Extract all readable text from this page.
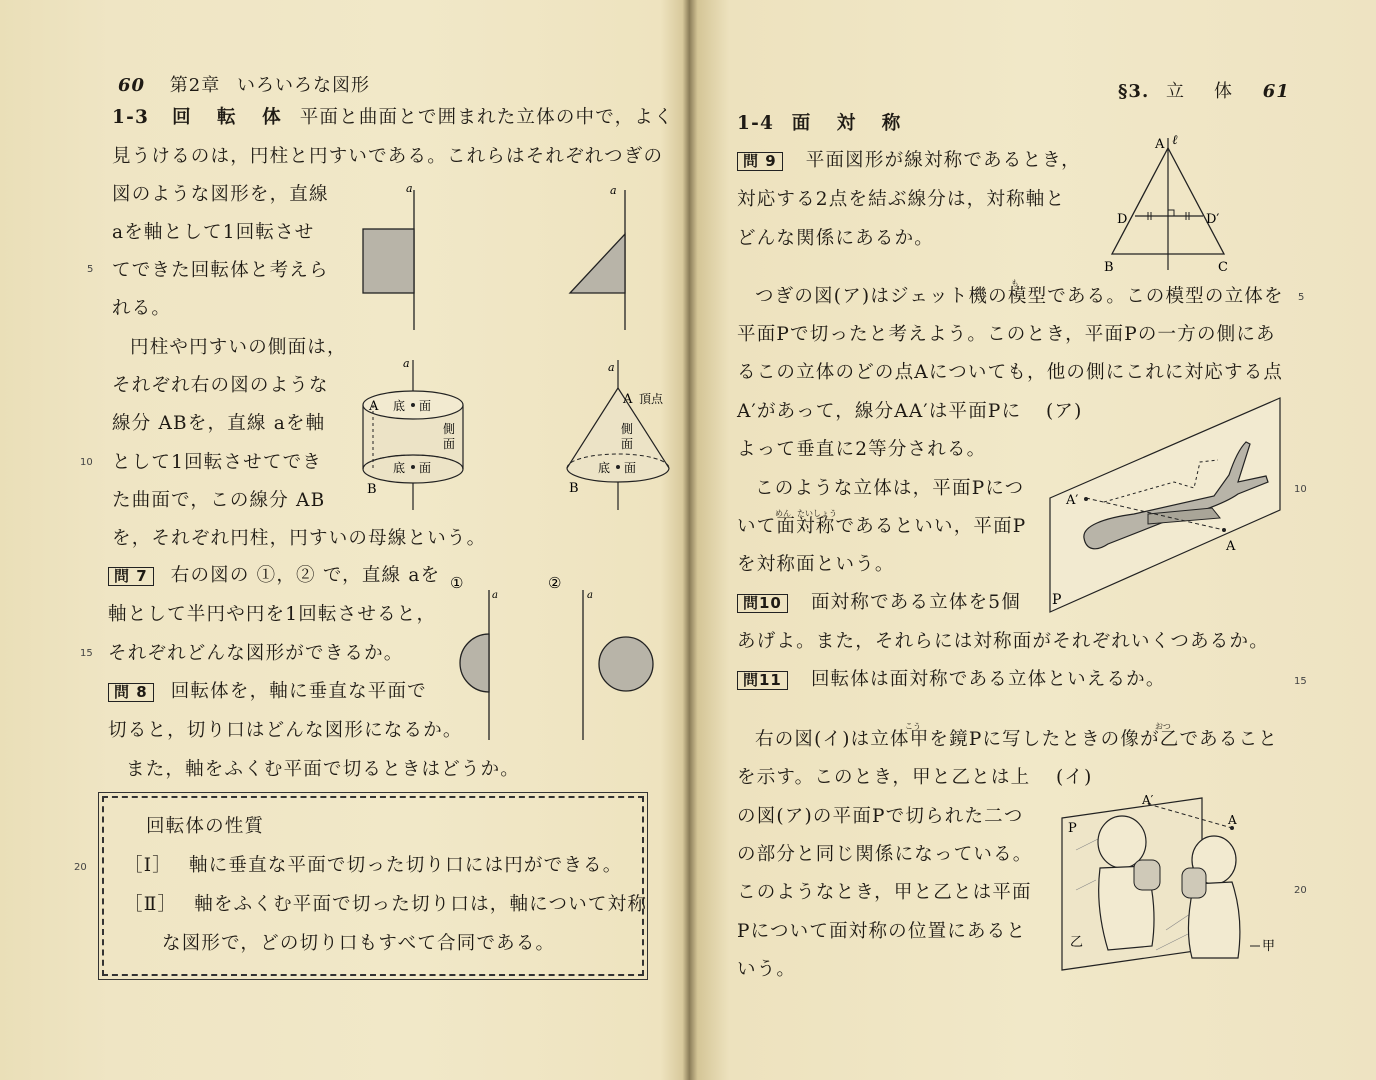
60 第2章 いろいろな図形
1-3 回　転　体 平面と曲面とで囲まれた立体の中で，よく
見うけるのは，円柱と円すいである。これらはそれぞれつぎの
図のような図形を，直線
aを軸として1回転させ
てできた回転体と考えら
れる。
円柱や円すいの側面は，
それぞれ右の図のような
線分 ABを，直線 aを軸
として1回転させてでき
た曲面で，この線分 AB
を，それぞれ円柱，円すいの母線という。
問 7 右の図の ①，② で，直線 aを
軸として半円や円を1回転させると，
それぞれどんな図形ができるか。
問 8 回転体を，軸に垂直な平面で
切ると，切り口はどんな図形になるか。
また，軸をふくむ平面で切るときはどうか。
回転体の性質
［Ⅰ］ 軸に垂直な平面で切った切り口には円ができる。
［Ⅱ］ 軸をふくむ平面で切った切り口は，軸について対称
な図形で，どの切り口もすべて合同である。
5
10
15
20
a	a
a
A 底 面
側
面
底 面
B
a
A 頂点
側
面
底 面
B
①	②
a	a
§3. 立　体 61
1-4 面　対　称
問 9 平面図形が線対称であるとき，
対応する2点を結ぶ線分は，対称軸と
どんな関係にあるか。
A ℓ
D	D′
B	C
も
つぎの図(ア)はジェット機の模型である。この模型の立体を
平面Pで切ったと考えよう。このとき，平面Pの一方の側にあ
るこの立体のどの点Aについても，他の側にこれに対応する点
A′があって，線分AA′は平面Pに
よって垂直に2等分される。
(ア)
このような立体は，平面Pにつ
めん たいしょう
いて面対称であるといい，平面P
を対称面という。
A′
A
P
問10 面対称である立体を5個
あげよ。また，それらには対称面がそれぞれいくつあるか。
問11 回転体は面対称である立体といえるか。
こう	おつ
右の図(イ)は立体甲を鏡Pに写したときの像が乙であること
を示す。このとき，甲と乙とは上 (イ)
の図(ア)の平面Pで切られた二つ
の部分と同じ関係になっている。
このようなとき，甲と乙とは平面
Pについて面対称の位置にあると
いう。
A′
A
P
乙	甲
5
10
15
20
